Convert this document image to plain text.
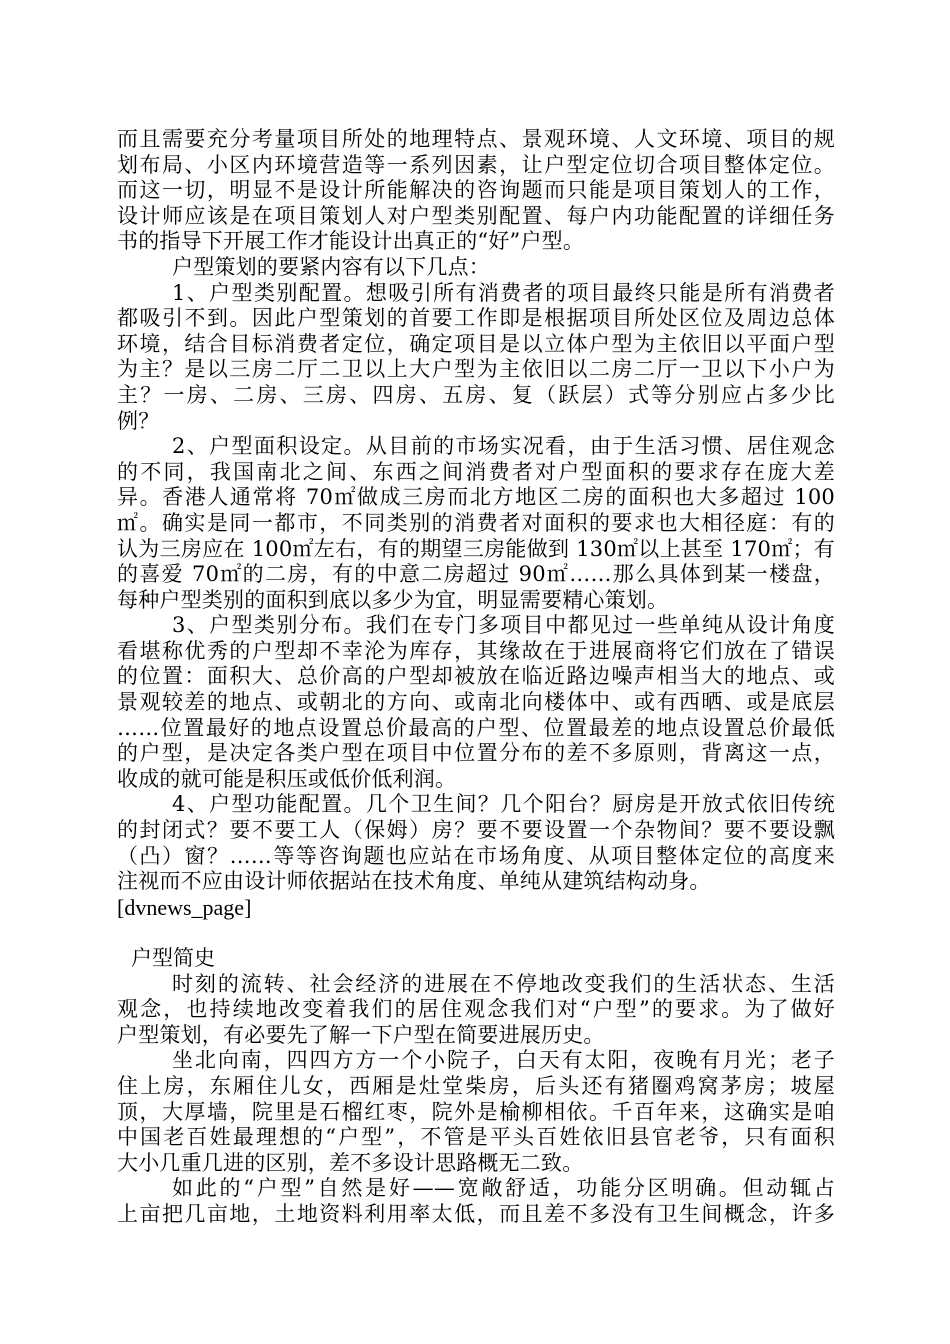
而且需要充分考量项目所处的地理特点、景观环境、人文环境、项目的规
划布局、小区内环境营造等一系列因素，让户型定位切合项目整体定位。
而这一切，明显不是设计所能解决的咨询题而只能是项目策划人的工作，
设计师应该是在项目策划人对户型类别配置、每户内功能配置的详细任务
书的指导下开展工作才能设计出真正的“好”户型。
户型策划的要紧内容有以下几点：
1、户型类别配置。想吸引所有消费者的项目最终只能是所有消费者
都吸引不到。因此户型策划的首要工作即是根据项目所处区位及周边总体
环境，结合目标消费者定位，确定项目是以立体户型为主依旧以平面户型
为主？是以三房二厅二卫以上大户型为主依旧以二房二厅一卫以下小户为
主？一房、二房、三房、四房、五房、复（跃层）式等分别应占多少比
例？
2、户型面积设定。从目前的市场实况看，由于生活习惯、居住观念
的不同，我国南北之间、东西之间消费者对户型面积的要求存在庞大差
异。香港人通常将 70㎡做成三房而北方地区二房的面积也大多超过 100
㎡。确实是同一都市，不同类别的消费者对面积的要求也大相径庭：有的
认为三房应在 100㎡左右，有的期望三房能做到 130㎡以上甚至 170㎡；有
的喜爱 70㎡的二房，有的中意二房超过 90㎡……那么具体到某一楼盘，
每种户型类别的面积到底以多少为宜，明显需要精心策划。
3、户型类别分布。我们在专门多项目中都见过一些单纯从设计角度
看堪称优秀的户型却不幸沦为库存，其缘故在于进展商将它们放在了错误
的位置：面积大、总价高的户型却被放在临近路边噪声相当大的地点、或
景观较差的地点、或朝北的方向、或南北向楼体中、或有西晒、或是底层
……位置最好的地点设置总价最高的户型、位置最差的地点设置总价最低
的户型，是决定各类户型在项目中位置分布的差不多原则，背离这一点，
收成的就可能是积压或低价低利润。
4、户型功能配置。几个卫生间？几个阳台？厨房是开放式依旧传统
的封闭式？要不要工人（保姆）房？要不要设置一个杂物间？要不要设飘
（凸）窗？……等等咨询题也应站在市场角度、从项目整体定位的高度来
注视而不应由设计师依据站在技术角度、单纯从建筑结构动身。
[dvnews_page]
户型简史
时刻的流转、社会经济的进展在不停地改变我们的生活状态、生活
观念，也持续地改变着我们的居住观念我们对“户型”的要求。为了做好
户型策划，有必要先了解一下户型在简要进展历史。
坐北向南，四四方方一个小院子，白天有太阳，夜晚有月光；老子
住上房，东厢住儿女，西厢是灶堂柴房，后头还有猪圈鸡窝茅房；坡屋
顶，大厚墙，院里是石榴红枣，院外是榆柳相依。千百年来，这确实是咱
中国老百姓最理想的“户型”，不管是平头百姓依旧县官老爷，只有面积
大小几重几进的区别，差不多设计思路概无二致。
如此的“户型”自然是好——宽敞舒适，功能分区明确。但动辄占
上亩把几亩地，土地资料利用率太低，而且差不多没有卫生间概念，许多
